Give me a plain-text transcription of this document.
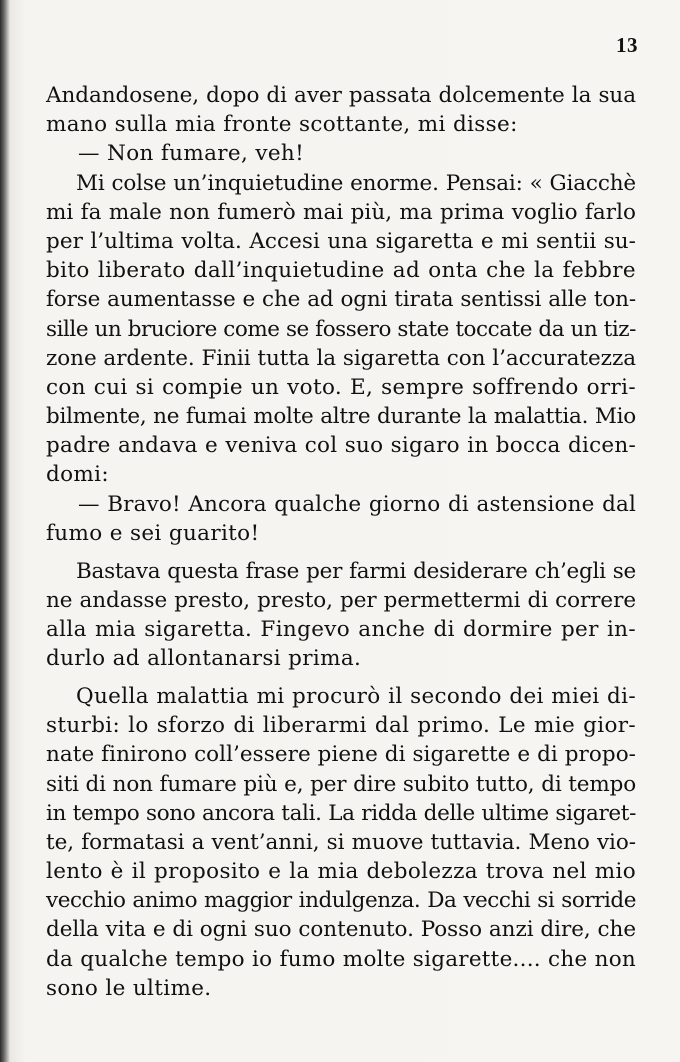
13
Andandosene, dopo di aver passata dolcemente la sua
mano sulla mia fronte scottante, mi disse:
— Non fumare, veh!
Mi colse un’inquietudine enorme. Pensai: « Giacchè
mi fa male non fumerò mai più, ma prima voglio farlo
per l’ultima volta. Accesi una sigaretta e mi sentii su-
bito liberato dall’inquietudine ad onta che la febbre
forse aumentasse e che ad ogni tirata sentissi alle ton-
sille un bruciore come se fossero state toccate da un tiz-
zone ardente. Finii tutta la sigaretta con l’accuratezza
con cui si compie un voto. E, sempre soffrendo orri-
bilmente, ne fumai molte altre durante la malattia. Mio
padre andava e veniva col suo sigaro in bocca dicen-
domi:
— Bravo! Ancora qualche giorno di astensione dal
fumo e sei guarito!
Bastava questa frase per farmi desiderare ch’egli se
ne andasse presto, presto, per permettermi di correre
alla mia sigaretta. Fingevo anche di dormire per in-
durlo ad allontanarsi prima.
Quella malattia mi procurò il secondo dei miei di-
sturbi: lo sforzo di liberarmi dal primo. Le mie gior-
nate finirono coll’essere piene di sigarette e di propo-
siti di non fumare più e, per dire subito tutto, di tempo
in tempo sono ancora tali. La ridda delle ultime sigaret-
te, formatasi a vent’anni, si muove tuttavia. Meno vio-
lento è il proposito e la mia debolezza trova nel mio
vecchio animo maggior indulgenza. Da vecchi si sorride
della vita e di ogni suo contenuto. Posso anzi dire, che
da qualche tempo io fumo molte sigarette.... che non
sono le ultime.
